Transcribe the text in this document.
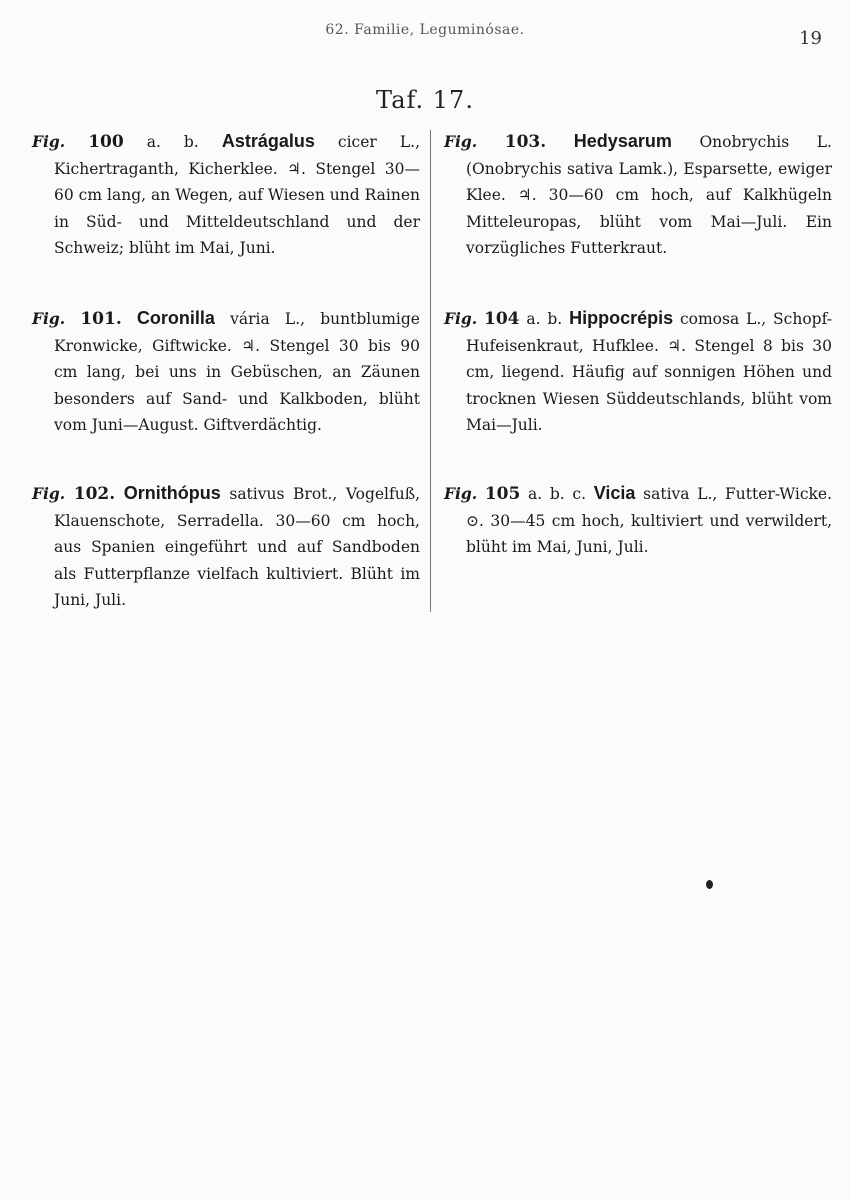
62. Familie, Leguminósae.	19
Taf. 17.
Fig. 100 a. b. Astrágalus cicer L., Kichertraganth, Kicherklee. ♃. Stengel 30—60 cm lang, an Wegen, auf Wiesen und Rainen in Süd- und Mitteldeutschland und der Schweiz; blüht im Mai, Juni.
Fig. 101. Coronilla vária L., buntblumige Kronwicke, Giftwicke. ♃. Stengel 30 bis 90 cm lang, bei uns in Gebüschen, an Zäunen besonders auf Sand- und Kalkboden, blüht vom Juni—August. Giftverdächtig.
Fig. 102. Ornithópus sativus Brot., Vogelfuß, Klauenschote, Serradella. 30—60 cm hoch, aus Spanien eingeführt und auf Sandboden als Futterpflanze vielfach kultiviert. Blüht im Juni, Juli.
Fig. 103. Hedysarum Onobrychis L. (Onobrychis sativa Lamk.), Esparsette, ewiger Klee. ♃. 30—60 cm hoch, auf Kalkhügeln Mitteleuropas, blüht vom Mai—Juli. Ein vorzügliches Futterkraut.
Fig. 104 a. b. Hippocrépis comosa L., Schopf-Hufeisenkraut, Hufklee. ♃. Stengel 8 bis 30 cm, liegend. Häufig auf sonnigen Höhen und trocknen Wiesen Süddeutschlands, blüht vom Mai—Juli.
Fig. 105 a. b. c. Vicia sativa L., Futter-Wicke. ⊙. 30—45 cm hoch, kultiviert und verwildert, blüht im Mai, Juni, Juli.
